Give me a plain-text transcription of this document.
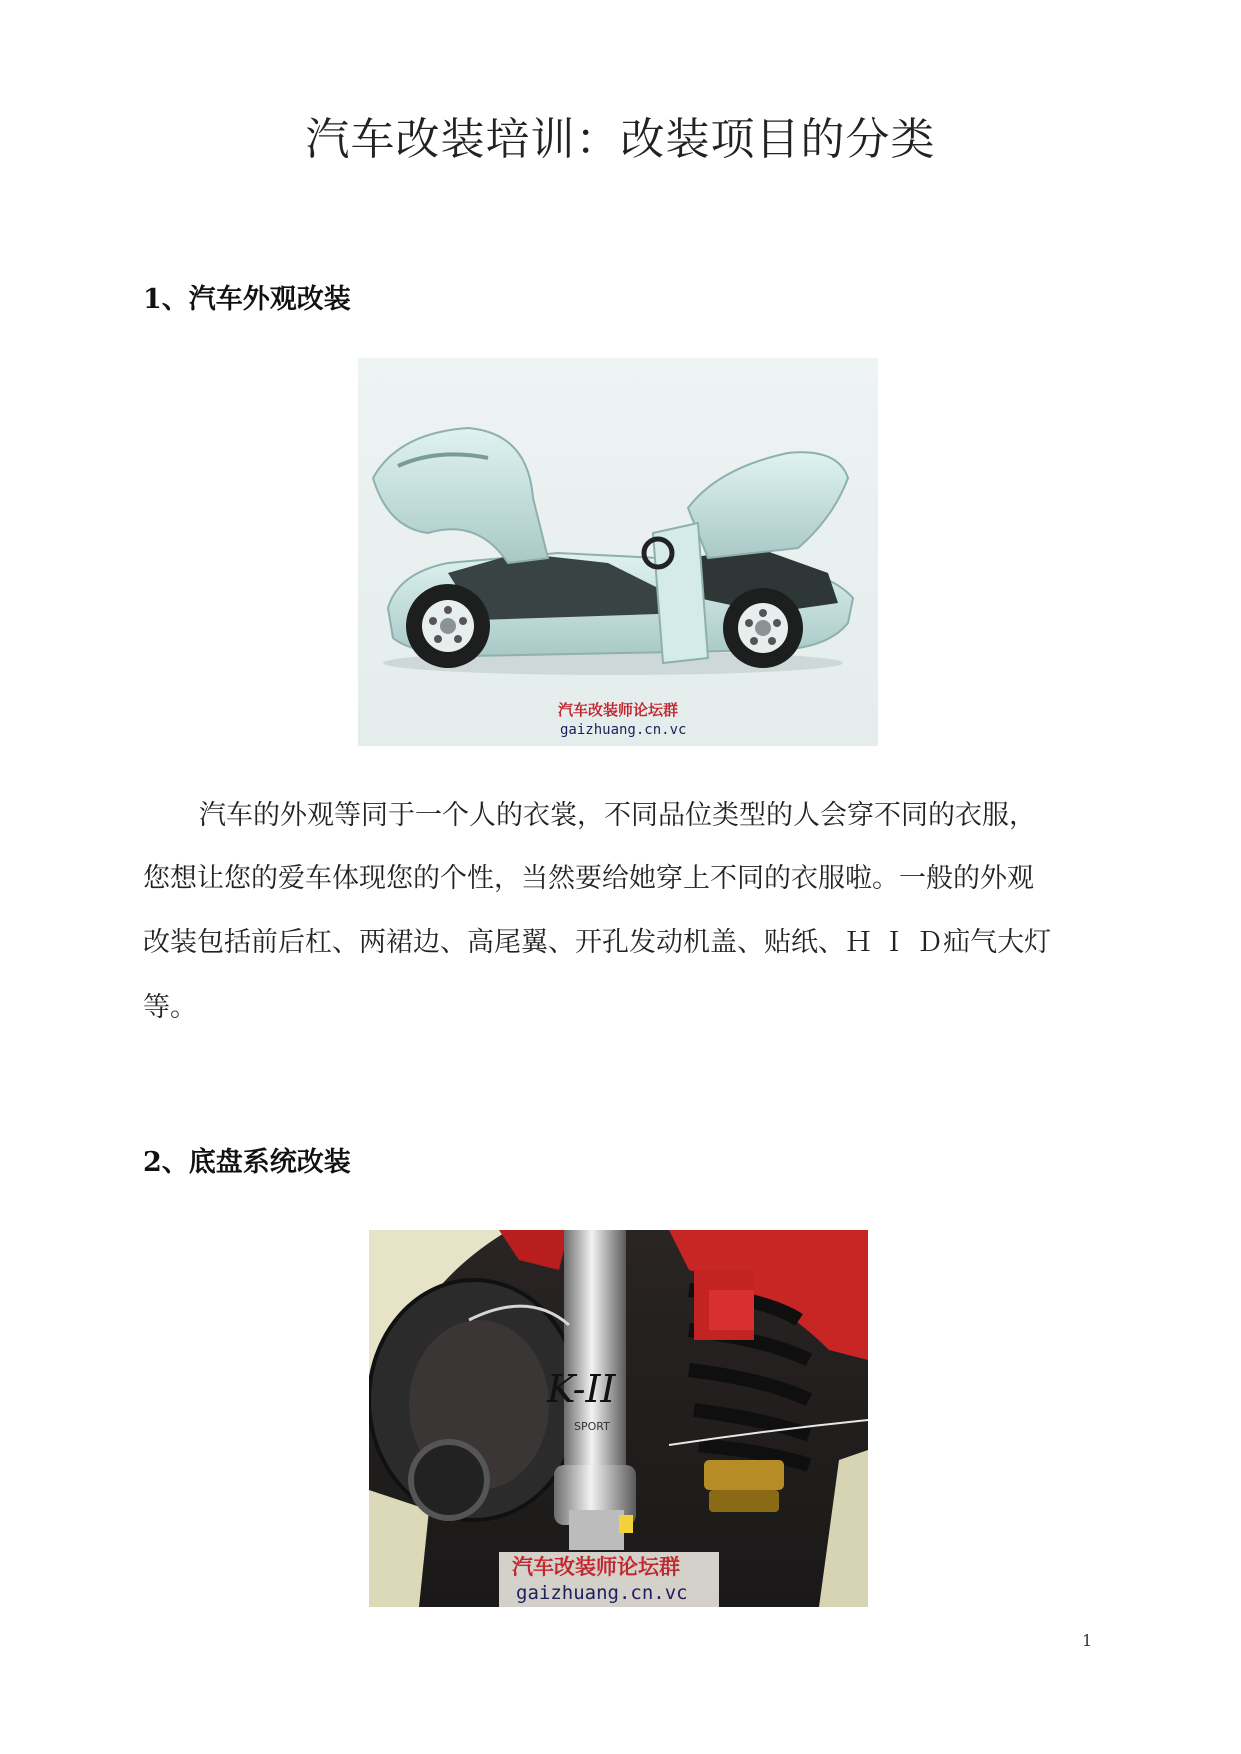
汽车改装培训：改装项目的分类
1、汽车外观改装
汽车改装师论坛群
gaizhuang.cn.vc
汽车的外观等同于一个人的衣裳，不同品位类型的人会穿不同的衣服，
您想让您的爱车体现您的个性，当然要给她穿上不同的衣服啦。一般的外观
改装包括前后杠、两裙边、高尾翼、开孔发动机盖、贴纸、Ｈ Ｉ Ｄ疝气大灯
等。
2、底盘系统改装
K-II
SPORT
汽车改装师论坛群
gaizhuang.cn.vc
1
